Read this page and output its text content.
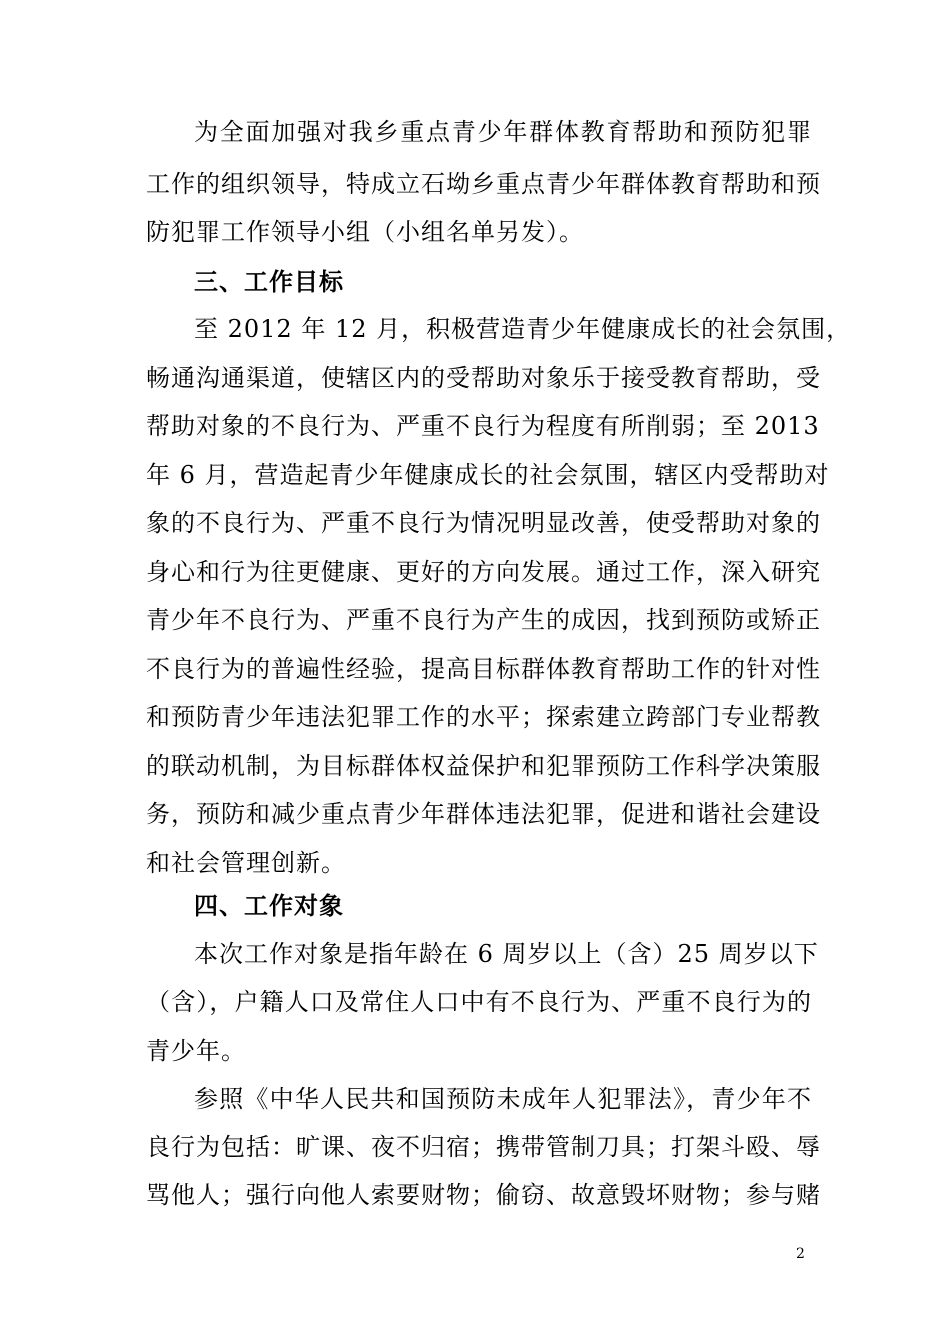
为全面加强对我乡重点青少年群体教育帮助和预防犯罪
工作的组织领导，特成立石坳乡重点青少年群体教育帮助和预
防犯罪工作领导小组（小组名单另发）。
三、工作目标
至 2012 年 12 月，积极营造青少年健康成长的社会氛围，
畅通沟通渠道，使辖区内的受帮助对象乐于接受教育帮助，受
帮助对象的不良行为、严重不良行为程度有所削弱；至 2013
年 6 月，营造起青少年健康成长的社会氛围，辖区内受帮助对
象的不良行为、严重不良行为情况明显改善，使受帮助对象的
身心和行为往更健康、更好的方向发展。通过工作，深入研究
青少年不良行为、严重不良行为产生的成因，找到预防或矫正
不良行为的普遍性经验，提高目标群体教育帮助工作的针对性
和预防青少年违法犯罪工作的水平；探索建立跨部门专业帮教
的联动机制，为目标群体权益保护和犯罪预防工作科学决策服
务，预防和减少重点青少年群体违法犯罪，促进和谐社会建设
和社会管理创新。
四、工作对象
本次工作对象是指年龄在 6 周岁以上（含）25 周岁以下
（含），户籍人口及常住人口中有不良行为、严重不良行为的
青少年。
参照《中华人民共和国预防未成年人犯罪法》，青少年不
良行为包括：旷课、夜不归宿；携带管制刀具；打架斗殴、辱
骂他人；强行向他人索要财物；偷窃、故意毁坏财物；参与赌
2
